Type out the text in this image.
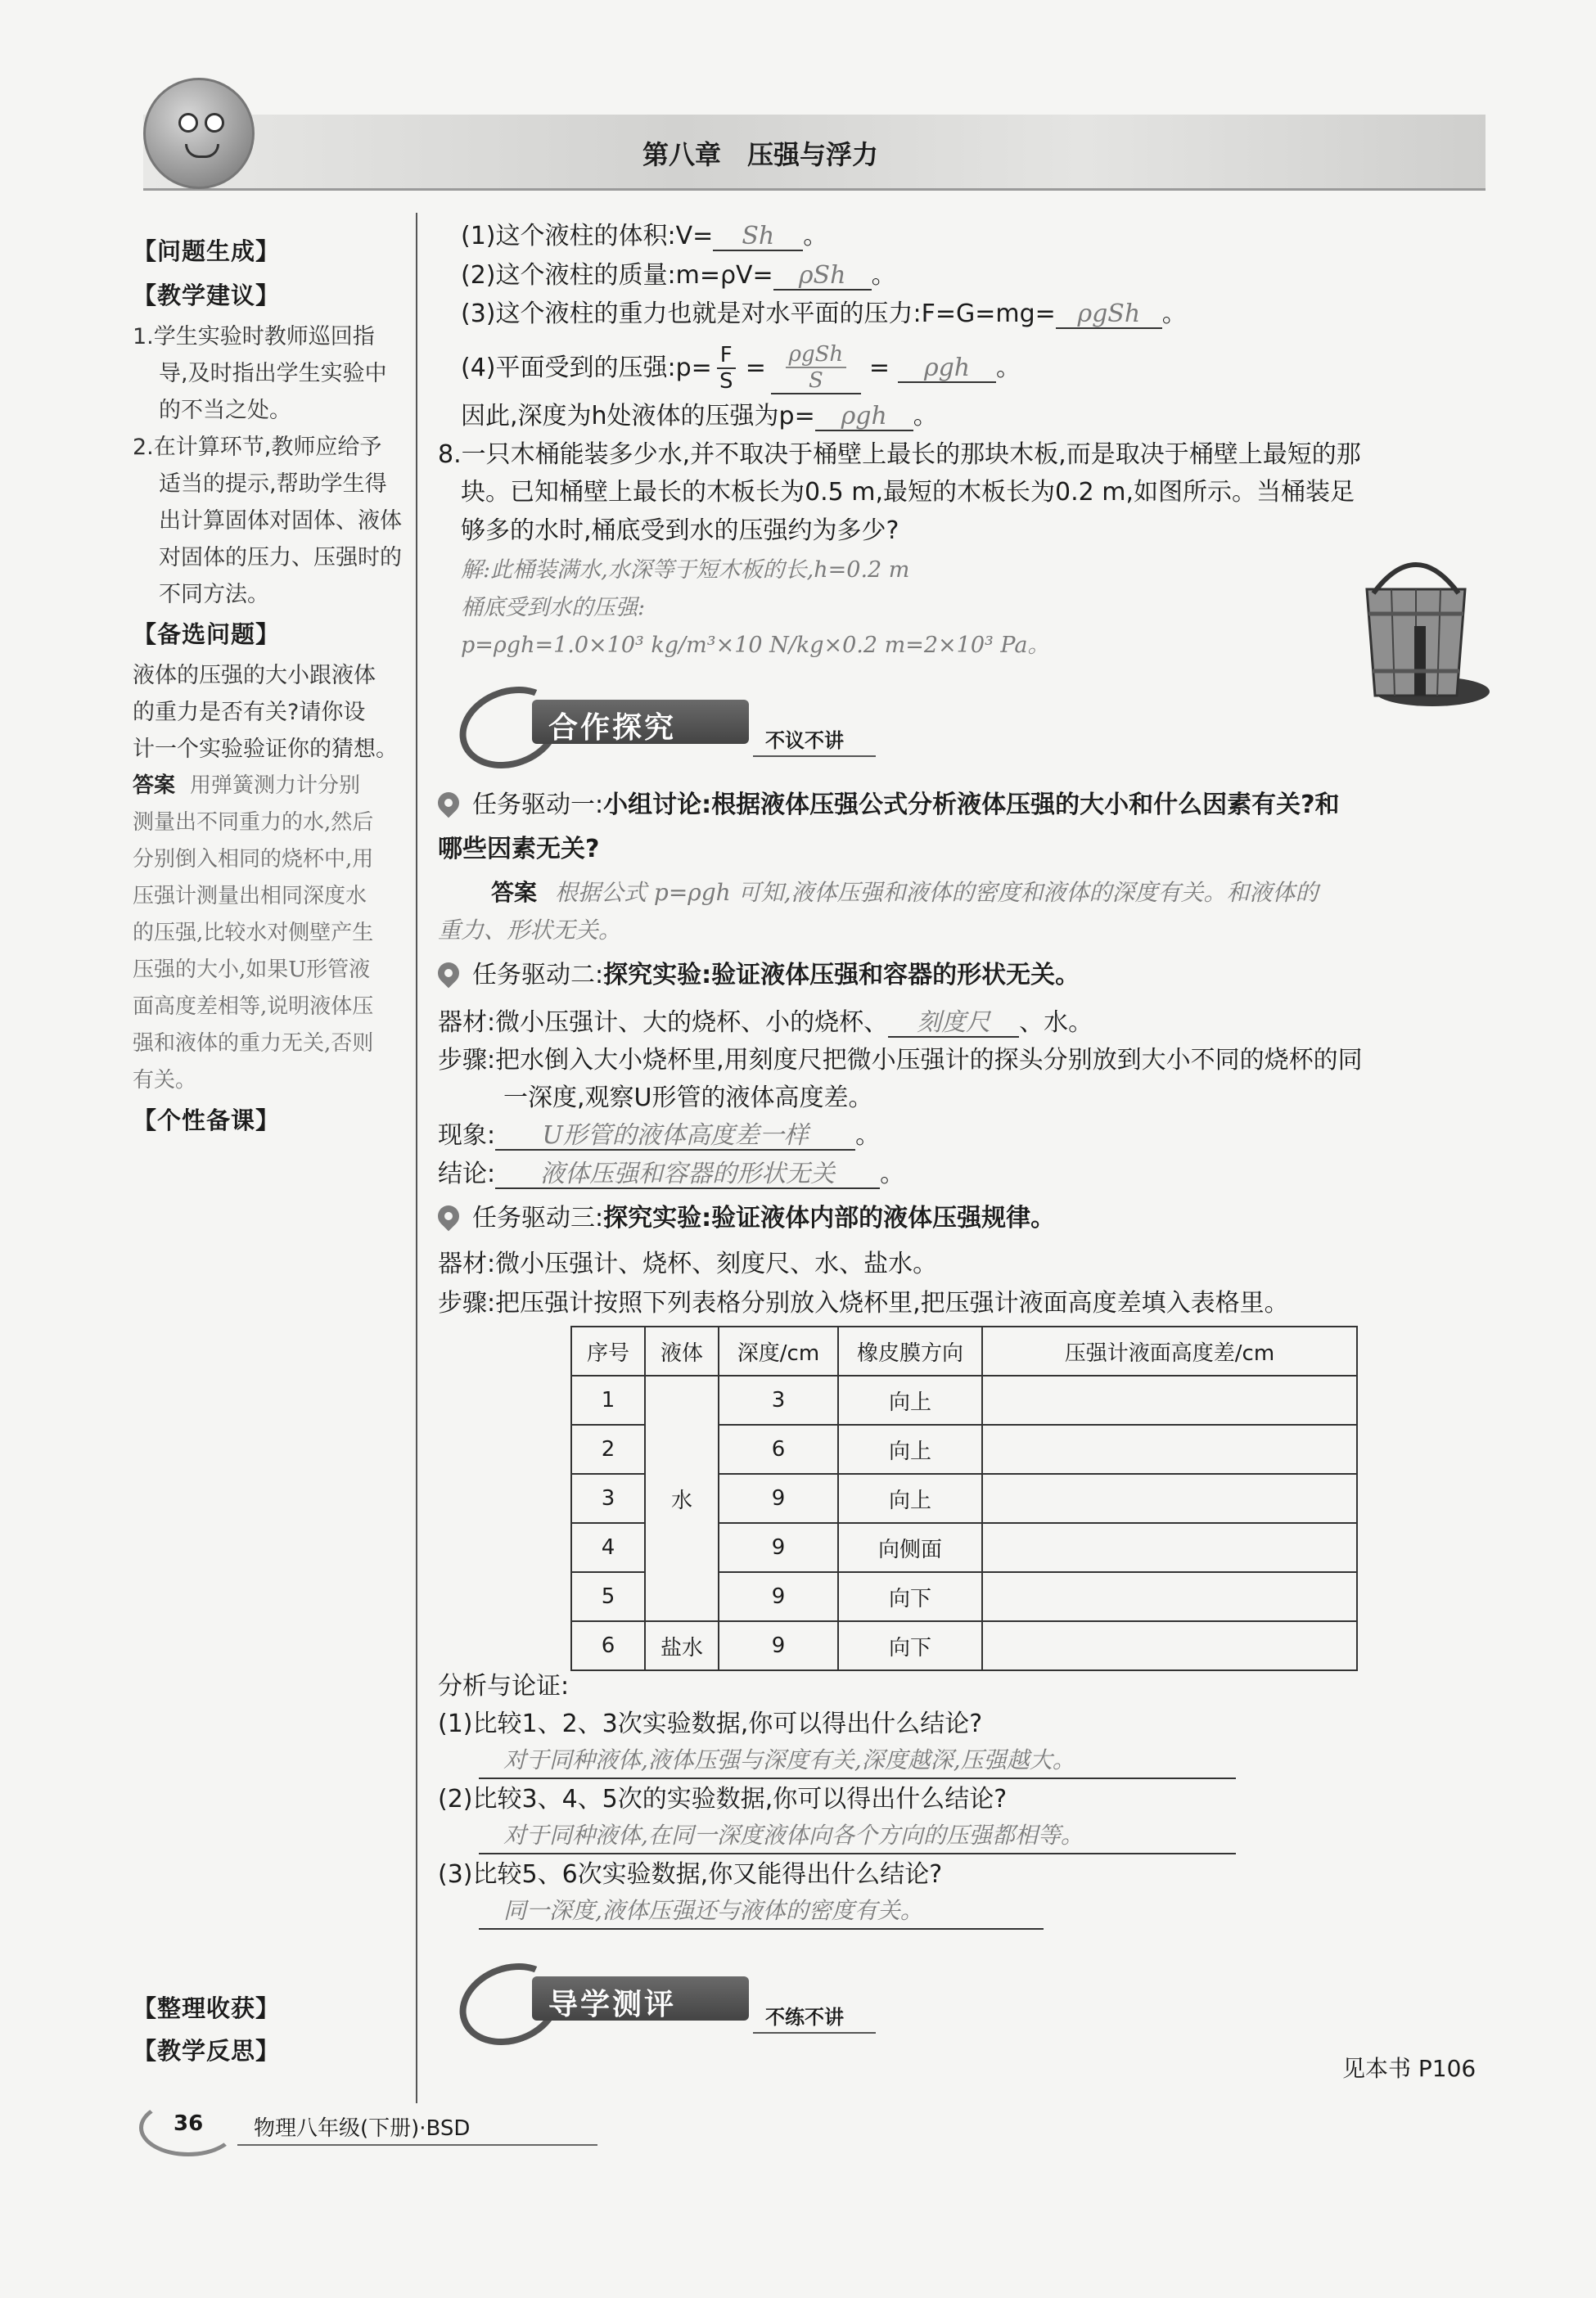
第八章　压强与浮力
【问题生成】
【教学建议】
1.学生实验时教师巡回指
导,及时指出学生实验中
的不当之处。
2.在计算环节,教师应给予
适当的提示,帮助学生得
出计算固体对固体、液体
对固体的压力、压强时的
不同方法。
【备选问题】
液体的压强的大小跟液体
的重力是否有关?请你设
计一个实验验证你的猜想。
答案 用弹簧测力计分别
测量出不同重力的水,然后
分别倒入相同的烧杯中,用
压强计测量出相同深度水
的压强,比较水对侧壁产生
压强的大小,如果U形管液
面高度差相等,说明液体压
强和液体的重力无关,否则
有关。
【个性备课】
【整理收获】
【教学反思】
(1)这个液柱的体积:V= Sh 。
(2)这个液柱的质量:m=ρV= ρSh 。
(3)这个液柱的重力也就是对水平面的压力:F=G=mg= ρgSh 。
(4)平面受到的压强:p= $\frac{F}{S} = \rho gSh$
S =	ρgh	。
因此,深度为h处液体的压强为p= ρgh 。
8.一只木桶能装多少水,并不取决于桶壁上最长的那块木板,而是取决于桶壁上最短的那
块。已知桶壁上最长的木板长为0.5 m,最短的木板长为0.2 m,如图所示。当桶装足
够多的水时,桶底受到水的压强约为多少?
解:此桶装满水,水深等于短木板的长,h=0.2 m
桶底受到水的压强:
p=ρgh=1.0×10³ kg/m³×10 N/kg×0.2 m=2×10³ Pa。
合作探究	不议不讲
任务驱动一:小组讨论:根据液体压强公式分析液体压强的大小和什么因素有关?和
哪些因素无关?
答案 根据公式 p=ρgh 可知,液体压强和液体的密度和液体的深度有关。和液体的
重力、形状无关。
任务驱动二:探究实验:验证液体压强和容器的形状无关。
器材:微小压强计、大的烧杯、小的烧杯、 刻度尺 、水。
步骤:把水倒入大小烧杯里,用刻度尺把微小压强计的探头分别放到大小不同的烧杯的同
一深度,观察U形管的液体高度差。
现象: U形管的液体高度差一样 。
结论: 液体压强和容器的形状无关 。
任务驱动三:探究实验:验证液体内部的液体压强规律。
器材:微小压强计、烧杯、刻度尺、水、盐水。
步骤:把压强计按照下列表格分别放入烧杯里,把压强计液面高度差填入表格里。
序号	液体	深度/cm	橡皮膜方向	压强计液面高度差/cm
1	水	3	向上	
2		6	向上	
3		9	向上	
4		9	向侧面	
5		9	向下	
6	盐水	9	向下	
分析与论证:
(1)比较1、2、3次实验数据,你可以得出什么结论?
对于同种液体,液体压强与深度有关,深度越深,压强越大。
(2)比较3、4、5次的实验数据,你可以得出什么结论?
对于同种液体,在同一深度液体向各个方向的压强都相等。
(3)比较5、6次实验数据,你又能得出什么结论?
同一深度,液体压强还与液体的密度有关。
导学测评	不练不讲
见本书 P106
36 物理八年级(下册)·BSD
